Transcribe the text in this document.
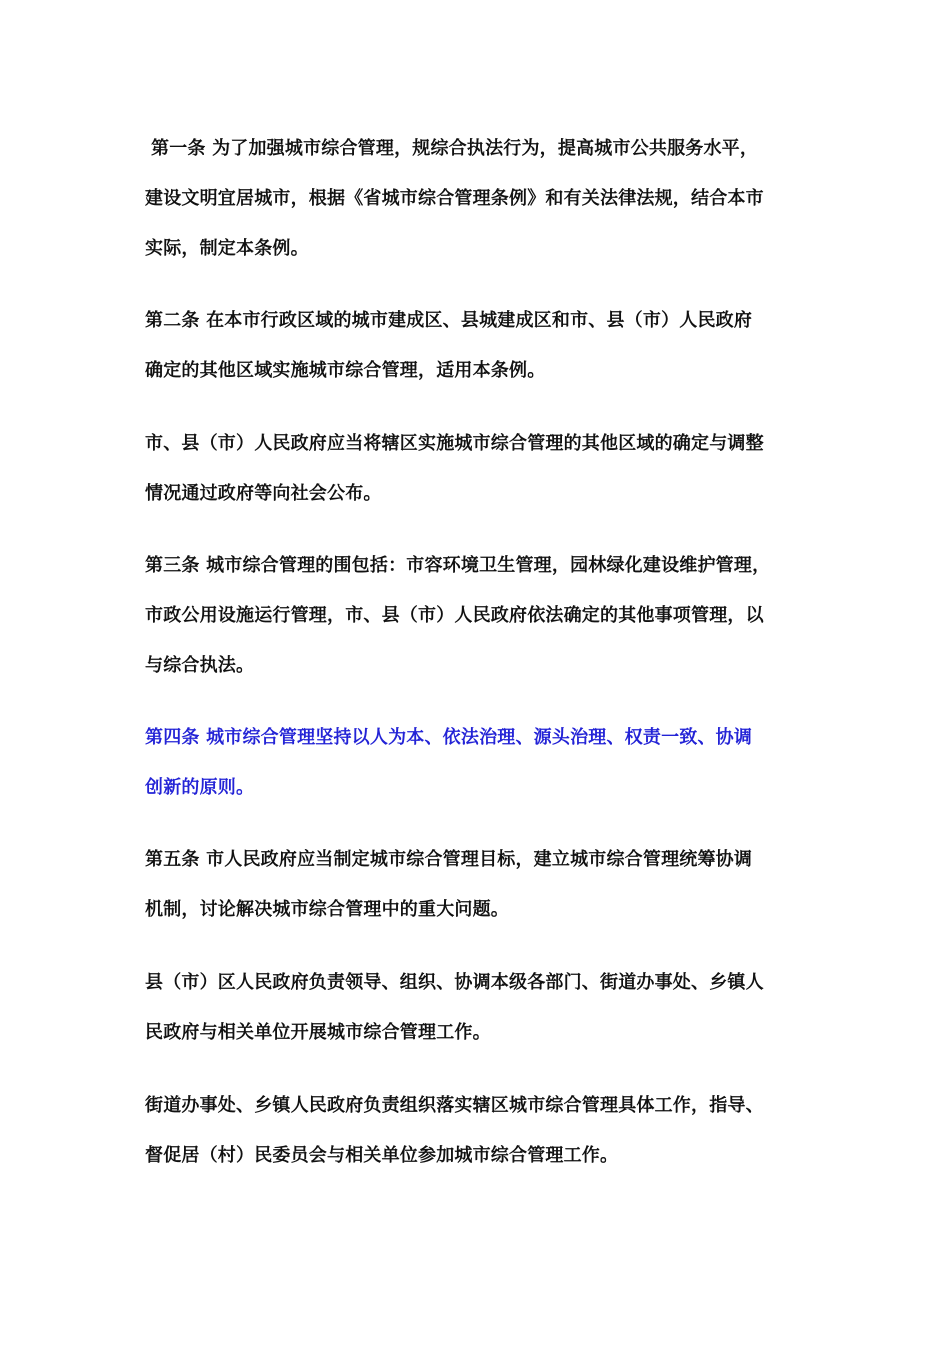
第一条 为了加强城市综合管理，规综合执法行为，提高城市公共服务水平，
建设文明宜居城市，根据《省城市综合管理条例》和有关法律法规，结合本市
实际，制定本条例。
第二条 在本市行政区域的城市建成区、县城建成区和市、县（市）人民政府
确定的其他区域实施城市综合管理，适用本条例。
市、县（市）人民政府应当将辖区实施城市综合管理的其他区域的确定与调整
情况通过政府等向社会公布。
第三条 城市综合管理的围包括：市容环境卫生管理，园林绿化建设维护管理，
市政公用设施运行管理，市、县（市）人民政府依法确定的其他事项管理，以
与综合执法。
第四条 城市综合管理坚持以人为本、依法治理、源头治理、权责一致、协调
创新的原则。
第五条 市人民政府应当制定城市综合管理目标，建立城市综合管理统筹协调
机制，讨论解决城市综合管理中的重大问题。
县（市）区人民政府负责领导、组织、协调本级各部门、街道办事处、乡镇人
民政府与相关单位开展城市综合管理工作。
街道办事处、乡镇人民政府负责组织落实辖区城市综合管理具体工作，指导、
督促居（村）民委员会与相关单位参加城市综合管理工作。
